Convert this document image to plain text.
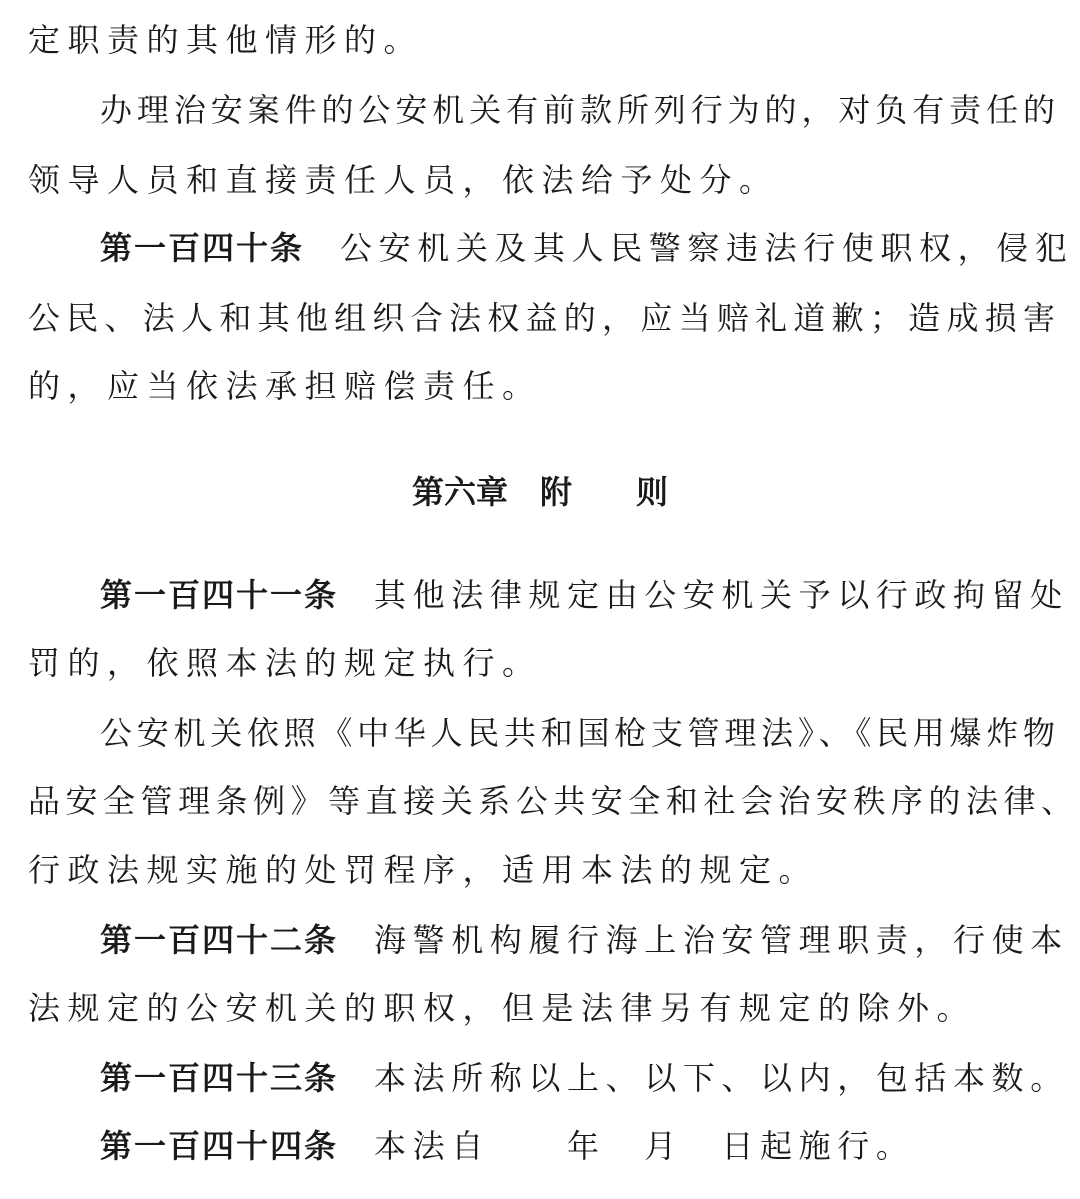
定职责的其他情形的。
办理治安案件的公安机关有前款所列行为的，对负有责任的
领导人员和直接责任人员，依法给予处分。
第一百四十条 公安机关及其人民警察违法行使职权，侵犯
公民、法人和其他组织合法权益的，应当赔礼道歉；造成损害
的，应当依法承担赔偿责任。
第六章　附　　则
第一百四十一条 其他法律规定由公安机关予以行政拘留处
罚的，依照本法的规定执行。
公安机关依照《中华人民共和国枪支管理法》、《民用爆炸物
品安全管理条例》等直接关系公共安全和社会治安秩序的法律、
行政法规实施的处罚程序，适用本法的规定。
第一百四十二条 海警机构履行海上治安管理职责，行使本
法规定的公安机关的职权，但是法律另有规定的除外。
第一百四十三条 本法所称以上、以下、以内，包括本数。
第一百四十四条 本法自　　年　月　日起施行。
